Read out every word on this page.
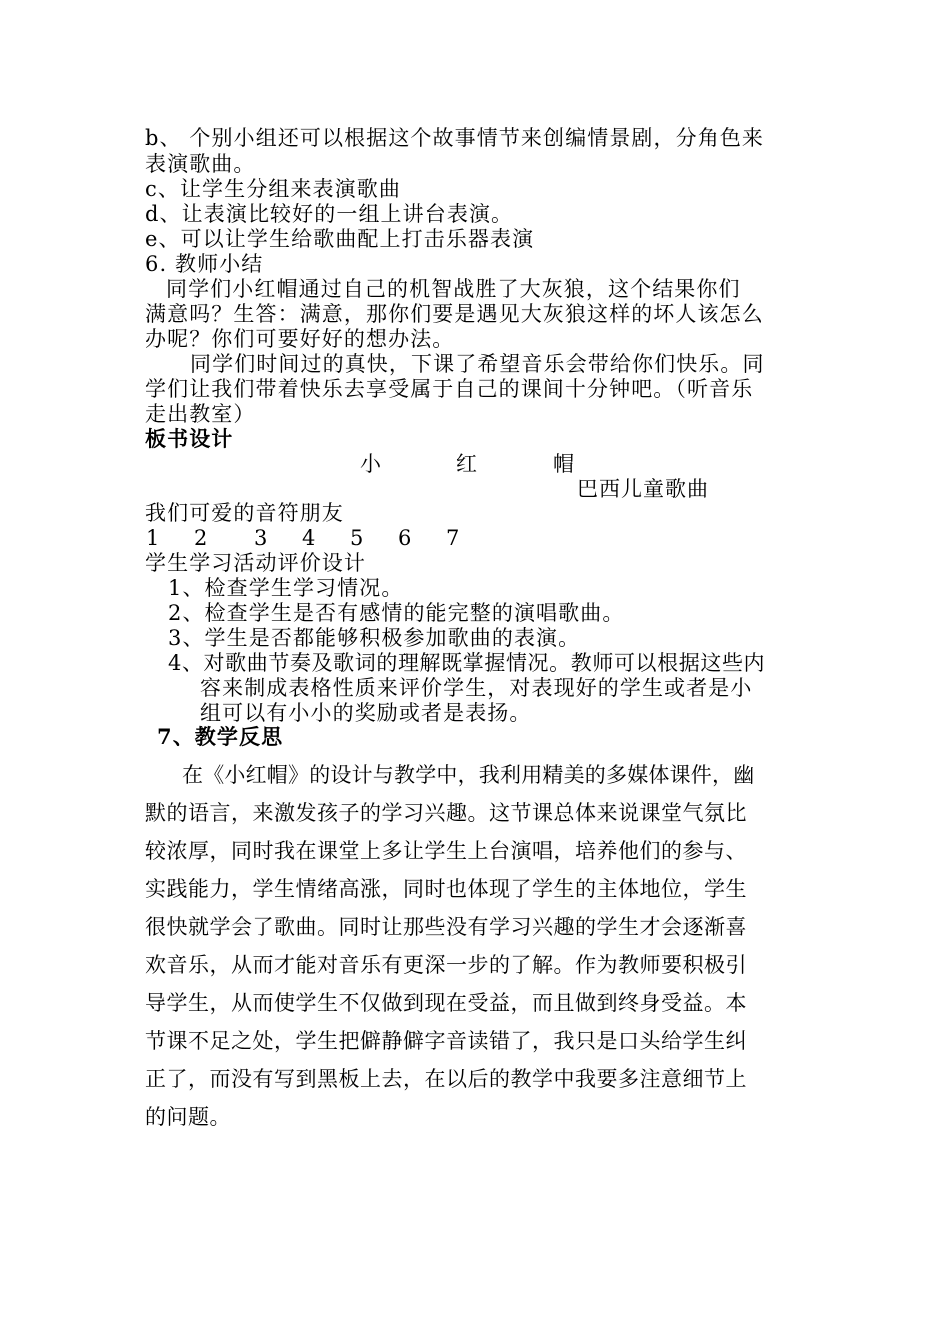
b、 个别小组还可以根据这个故事情节来创编情景剧，分角色来
表演歌曲。
c、让学生分组来表演歌曲
d、让表演比较好的一组上讲台表演。
e、可以让学生给歌曲配上打击乐器表演
6. 教师小结
同学们小红帽通过自己的机智战胜了大灰狼，这个结果你们
满意吗？生答：满意，那你们要是遇见大灰狼这样的坏人该怎么
办呢？你们可要好好的想办法。
同学们时间过的真快，下课了希望音乐会带给你们快乐。同
学们让我们带着快乐去享受属于自己的课间十分钟吧。（听音乐
走出教室）
板书设计
小	红	帽
巴西儿童歌曲
我们可爱的音符朋友
1 2 3 4 5 6 7
学生学习活动评价设计
1、检查学生学习情况。
2、检查学生是否有感情的能完整的演唱歌曲。
3、学生是否都能够积极参加歌曲的表演。
4、对歌曲节奏及歌词的理解既掌握情况。教师可以根据这些内
容来制成表格性质来评价学生，对表现好的学生或者是小
组可以有小小的奖励或者是表扬。
7、教学反思
在《小红帽》的设计与教学中，我利用精美的多媒体课件，幽
默的语言，来激发孩子的学习兴趣。这节课总体来说课堂气氛比
较浓厚，同时我在课堂上多让学生上台演唱，培养他们的参与、
实践能力，学生情绪高涨，同时也体现了学生的主体地位，学生
很快就学会了歌曲。同时让那些没有学习兴趣的学生才会逐渐喜
欢音乐，从而才能对音乐有更深一步的了解。作为教师要积极引
导学生，从而使学生不仅做到现在受益，而且做到终身受益。本
节课不足之处，学生把僻静僻字音读错了，我只是口头给学生纠
正了，而没有写到黑板上去，在以后的教学中我要多注意细节上
的问题。
